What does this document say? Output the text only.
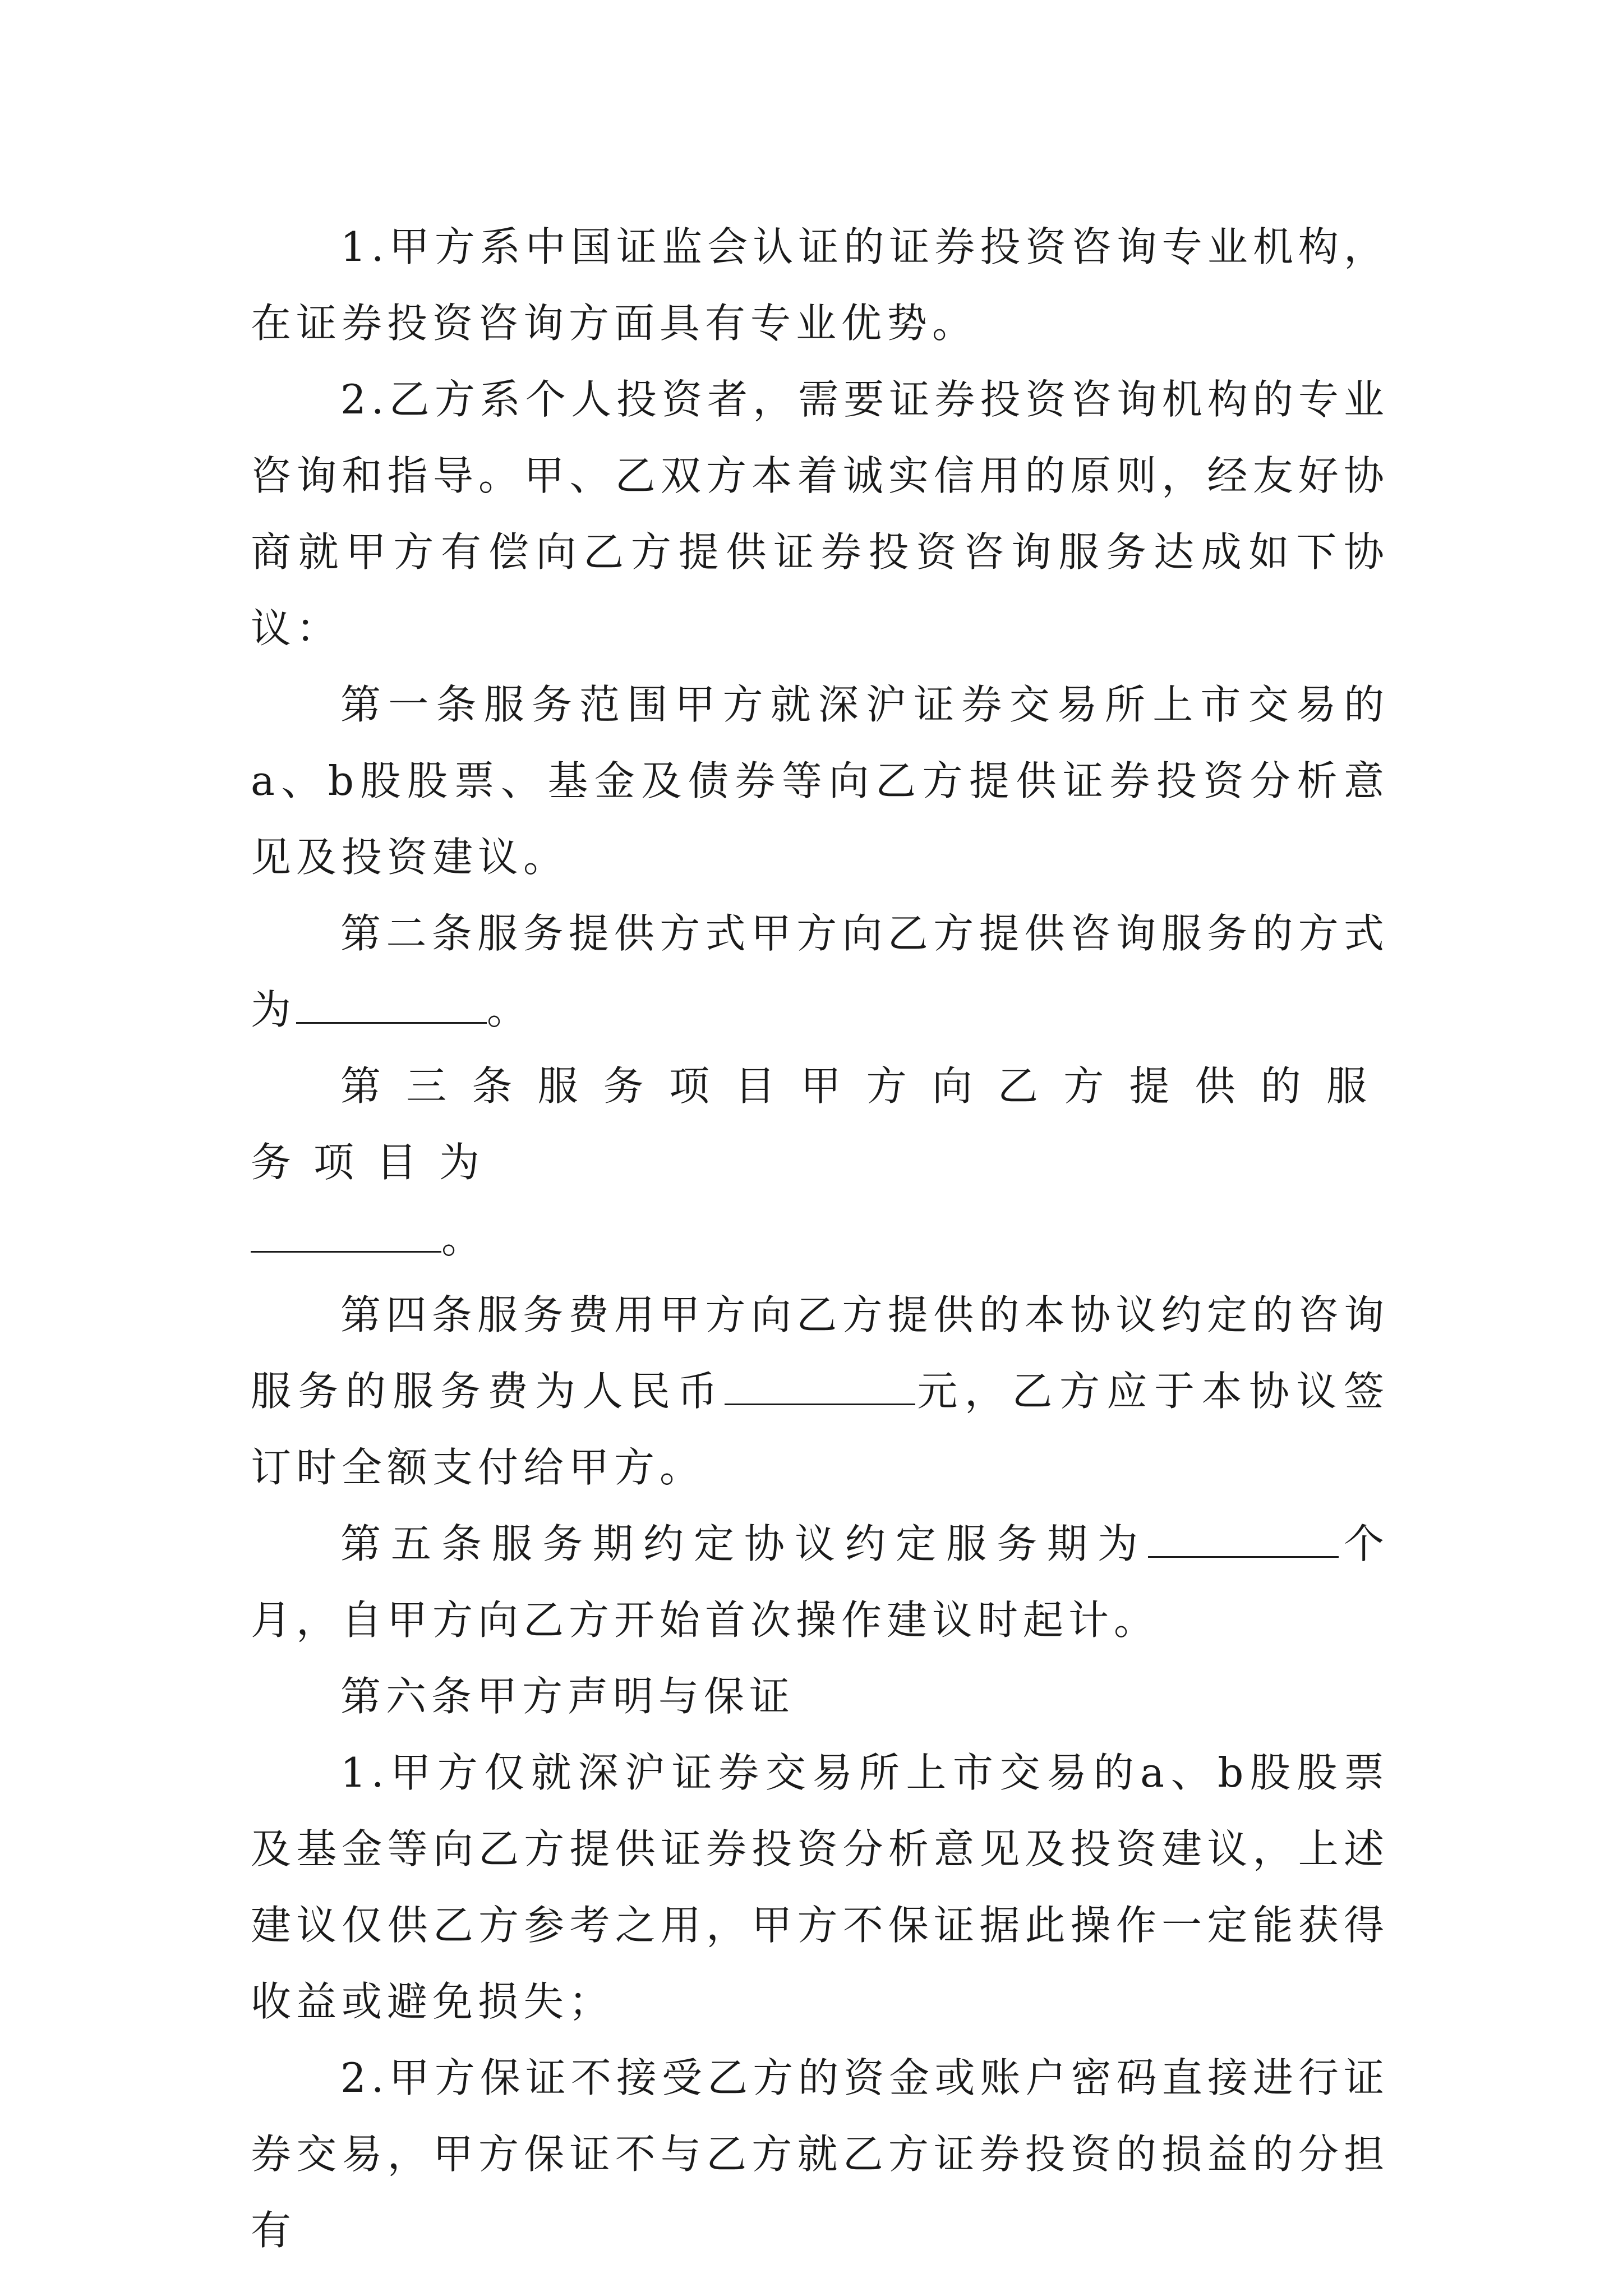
1.甲方系中国证监会认证的证券投资咨询专业机构，在证券投资咨询方面具有专业优势。

2.乙方系个人投资者，需要证券投资咨询机构的专业咨询和指导。甲、乙双方本着诚实信用的原则，经友好协商就甲方有偿向乙方提供证券投资咨询服务达成如下协议：

第一条服务范围甲方就深沪证券交易所上市交易的a、b股股票、基金及债券等向乙方提供证券投资分析意见及投资建议。

第二条服务提供方式甲方向乙方提供咨询服务的方式为	。

第三条服务项目甲方向乙方提供的服务项目为
。

第四条服务费用甲方向乙方提供的本协议约定的咨询服务的服务费为人民币	元，乙方应于本协议签订时全额支付给甲方。

第五条服务期约定协议约定服务期为	个月，自甲方向乙方开始首次操作建议时起计。

第六条甲方声明与保证

1.甲方仅就深沪证券交易所上市交易的a、b股股票及基金等向乙方提供证券投资分析意见及投资建议，上述建议仅供乙方参考之用，甲方不保证据此操作一定能获得收益或避免损失；

2.甲方保证不接受乙方的资金或账户密码直接进行证券交易，甲方保证不与乙方就乙方证券投资的损益的分担有
